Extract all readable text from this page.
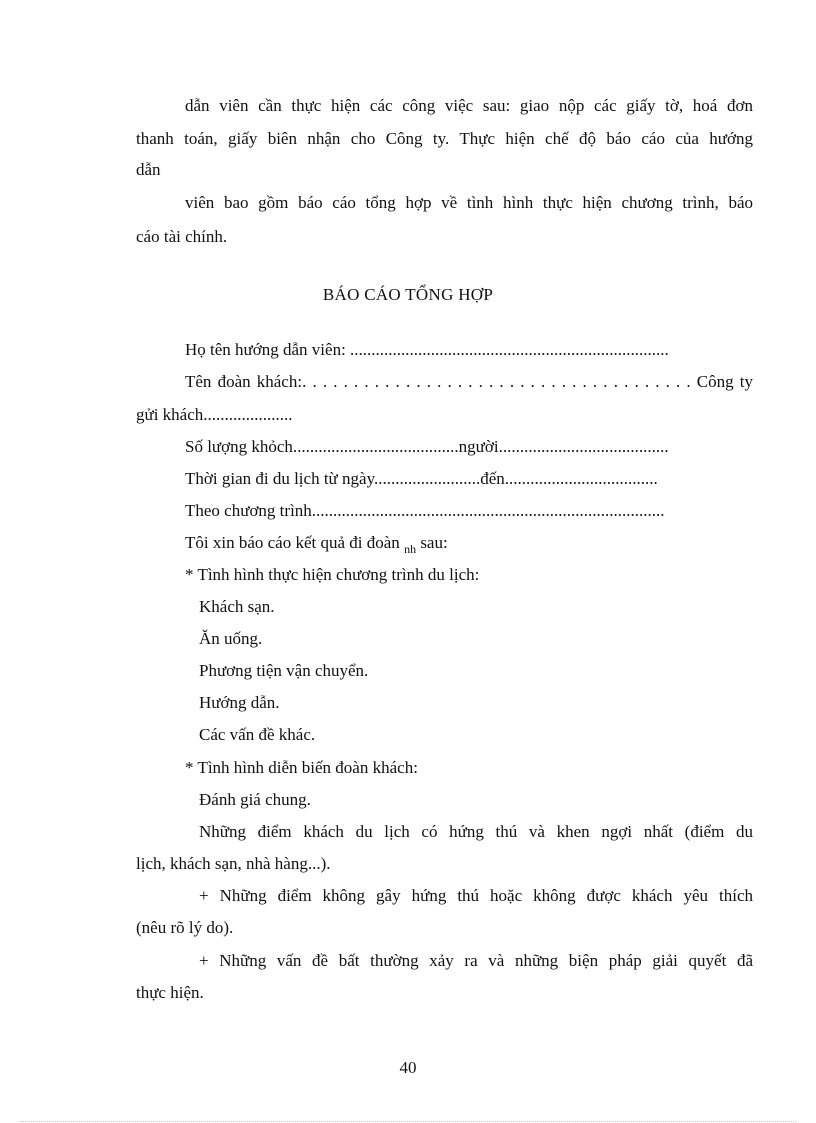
dẫn viên cần thực hiện các công việc sau: giao nộp các giấy tờ, hoá đơn
thanh toán, giấy biên nhận cho Công ty. Thực hiện chế độ báo cáo của hướng
dẫn
viên bao gồm báo cáo tổng hợp về tình hình thực hiện chương trình, báo
cáo tài chính.
BÁO CÁO TỔNG HỢP
Họ tên hướng dẫn viên: ...........................................................................
Tên đoàn khách:. . . . . . . . . . . . . . . . . . . . . . . . . . . . . . . . . . . . . . Công ty
gửi khách.....................
Số lượng khỏch.......................................người........................................
Thời gian đi du lịch từ ngày.........................đến....................................
Theo chương trình...................................................................................
Tôi xin báo cáo kết quả đi đoàn $_{nh}$ sau:
* Tình hình thực hiện chương trình du lịch:
Khách sạn.
Ăn uống.
Phương tiện vận chuyển.
Hướng dẫn.
Các vấn đề khác.
* Tình hình diễn biến đoàn khách:
Đánh giá chung.
Những điểm khách du lịch có hứng thú và khen ngợi nhất (điểm du
lịch, khách sạn, nhà hàng...).
+ Những điểm không gây hứng thú hoặc không được khách yêu thích
(nêu rõ lý do).
+ Những vấn đề bất thường xảy ra và những biện pháp giải quyết đã
thực hiện.
40
